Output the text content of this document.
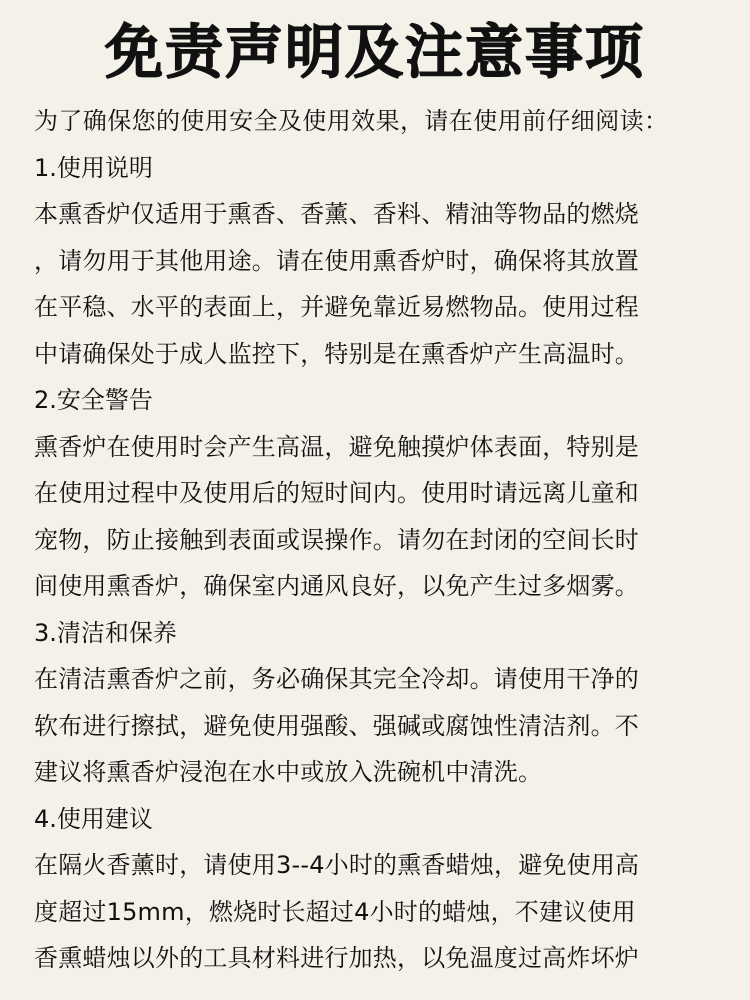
免责声明及注意事项
为了确保您的使用安全及使用效果，请在使用前仔细阅读：
1.使用说明
本熏香炉仅适用于熏香、香薰、香料、精油等物品的燃烧
，请勿用于其他用途。请在使用熏香炉时，确保将其放置
在平稳、水平的表面上，并避免靠近易燃物品。使用过程
中请确保处于成人监控下，特别是在熏香炉产生高温时。
2.安全警告
熏香炉在使用时会产生高温，避免触摸炉体表面，特别是
在使用过程中及使用后的短时间内。使用时请远离儿童和
宠物，防止接触到表面或误操作。请勿在封闭的空间长时
间使用熏香炉，确保室内通风良好，以免产生过多烟雾。
3.清洁和保养
在清洁熏香炉之前，务必确保其完全冷却。请使用干净的
软布进行擦拭，避免使用强酸、强碱或腐蚀性清洁剂。不
建议将熏香炉浸泡在水中或放入洗碗机中清洗。
4.使用建议
在隔火香薰时，请使用3--4小时的熏香蜡烛，避免使用高
度超过15mm，燃烧时长超过4小时的蜡烛，不建议使用
香熏蜡烛以外的工具材料进行加热，以免温度过高炸坏炉
